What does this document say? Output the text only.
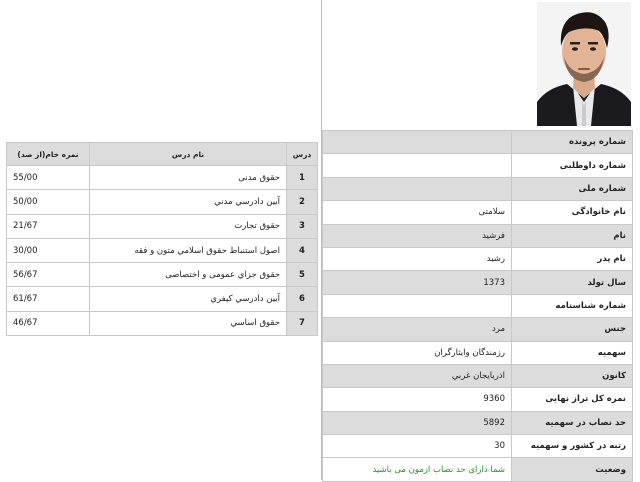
شماره پرونده	
شماره داوطلبی	
شماره ملی	
نام خانوادگی	سلامتی
نام	فرشید
نام پدر	رشید
سال تولد	1373
شماره شناسنامه	
جنس	مرد
سهمیه	رزمندگان وایثارگران
کانون	اذربايجان غربي
نمره کل تراز نهایی	9360
حد نصاب در سهمیه	5892
رتبه در کشور و سهمیه	30
وضعیت	شما دارای حد نصاب ازمون می باشید
درس	نام درس	نمره خام(از صد)
1	حقوق مدنی	55/00
2	آیین دادرسي مدني	50/00
3	حقوق تجارت	21/67
4	اصول استنباط حقوق اسلامي متون و فقه	30/00
5	حقوق جزاي عمومی و اختصاصی	56/67
6	آیین دادرسي کيفري	61/67
7	حقوق اساسي	46/67
